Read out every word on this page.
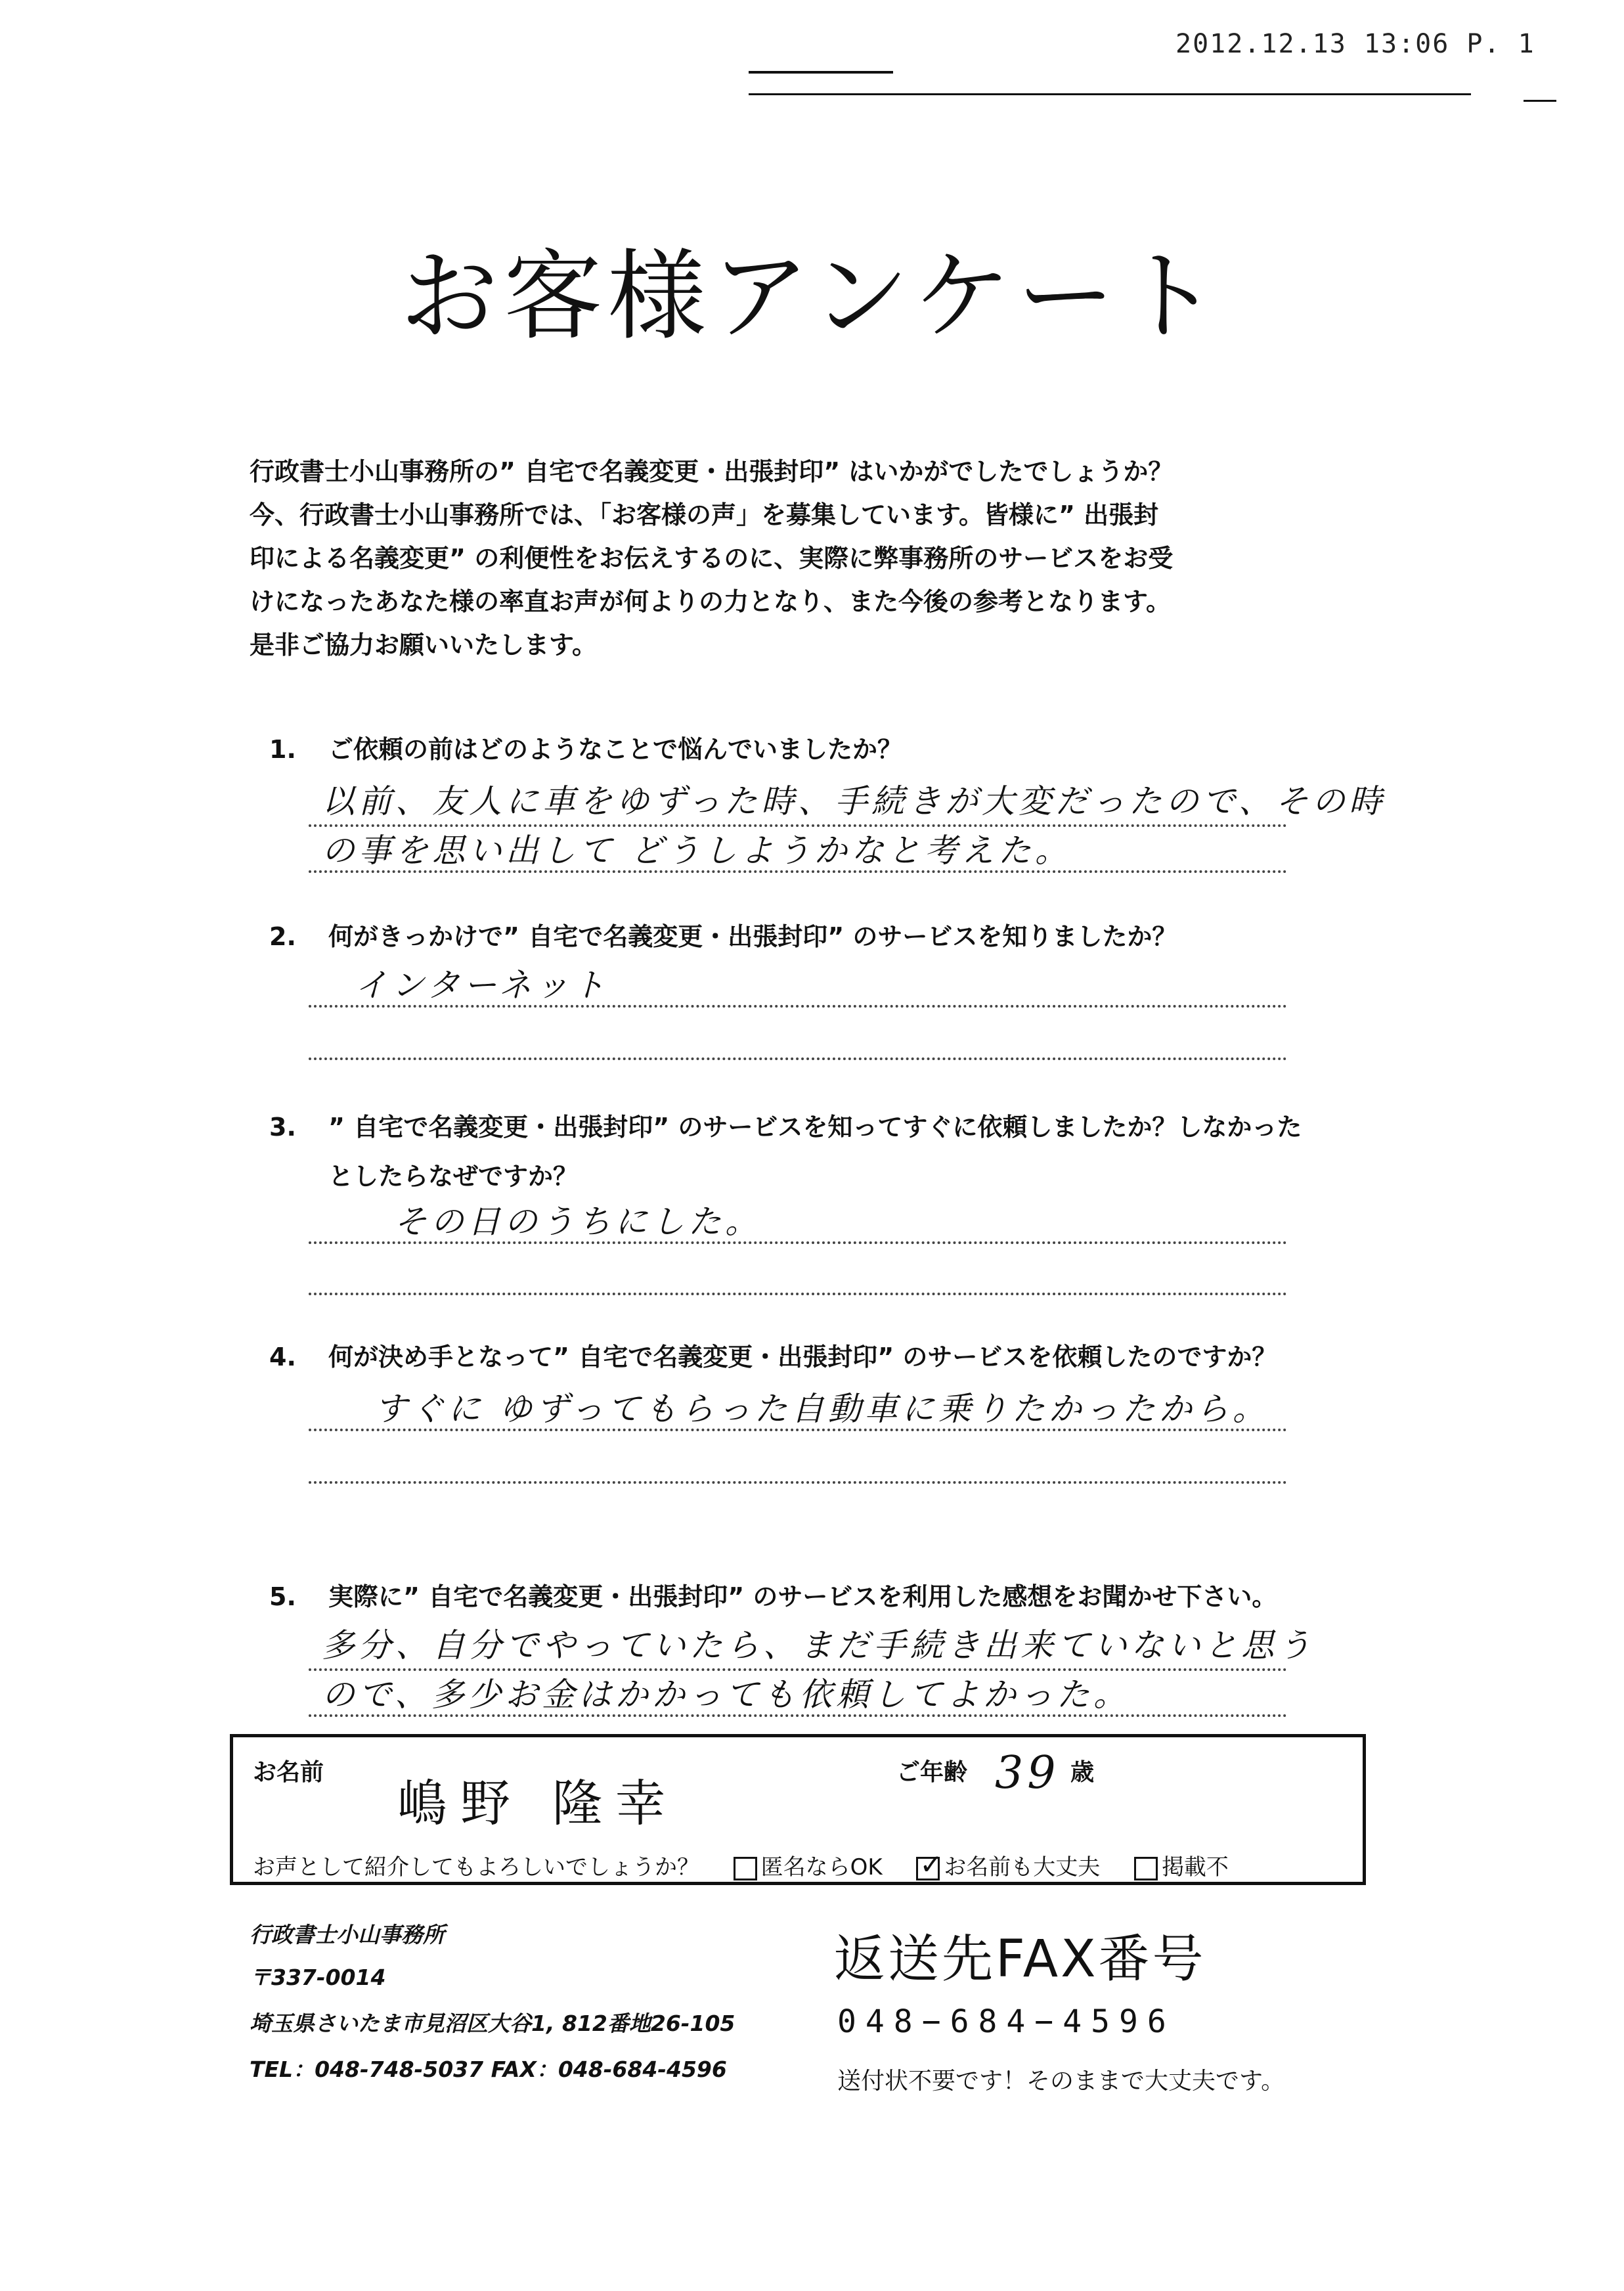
2012.12.13 13:06 P. 1
お客様アンケート
行政書士小山事務所の” 自宅で名義変更・出張封印” はいかがでしたでしょうか？
今、行政書士小山事務所では、「お客様の声」を募集しています。皆様に” 出張封
印による名義変更” の利便性をお伝えするのに、実際に弊事務所のサービスをお受
けになったあなた様の率直お声が何よりの力となり、また今後の参考となります。
是非ご協力お願いいたします。
1. ご依頼の前はどのようなことで悩んでいましたか？
以前、友人に車をゆずった時、手続きが大変だったので、その時
の事を思い出して どうしようかなと考えた。
2. 何がきっかけで” 自宅で名義変更・出張封印” のサービスを知りましたか？
インターネット
3. ” 自宅で名義変更・出張封印” のサービスを知ってすぐに依頼しましたか？しなかった
としたらなぜですか？
その日のうちにした。
4. 何が決め手となって” 自宅で名義変更・出張封印” のサービスを依頼したのですか？
すぐに ゆずってもらった自動車に乗りたかったから。
5. 実際に” 自宅で名義変更・出張封印” のサービスを利用した感想をお聞かせ下さい。
多分、自分でやっていたら、まだ手続き出来ていないと思う
ので、多少お金はかかっても依頼してよかった。
お名前
嶋野 隆幸
ご年齢 39 歳
お声として紹介してもよろしいでしょうか？	匿名ならOK  ✓	お名前も大丈夫	掲載不
行政書士小山事務所
〒337-0014
埼玉県さいたま市見沼区大谷1, 812番地26-105
TEL：048-748-5037 FAX：048-684-4596
返送先FAX番号
048−684−4596
送付状不要です！そのままで大丈夫です。
